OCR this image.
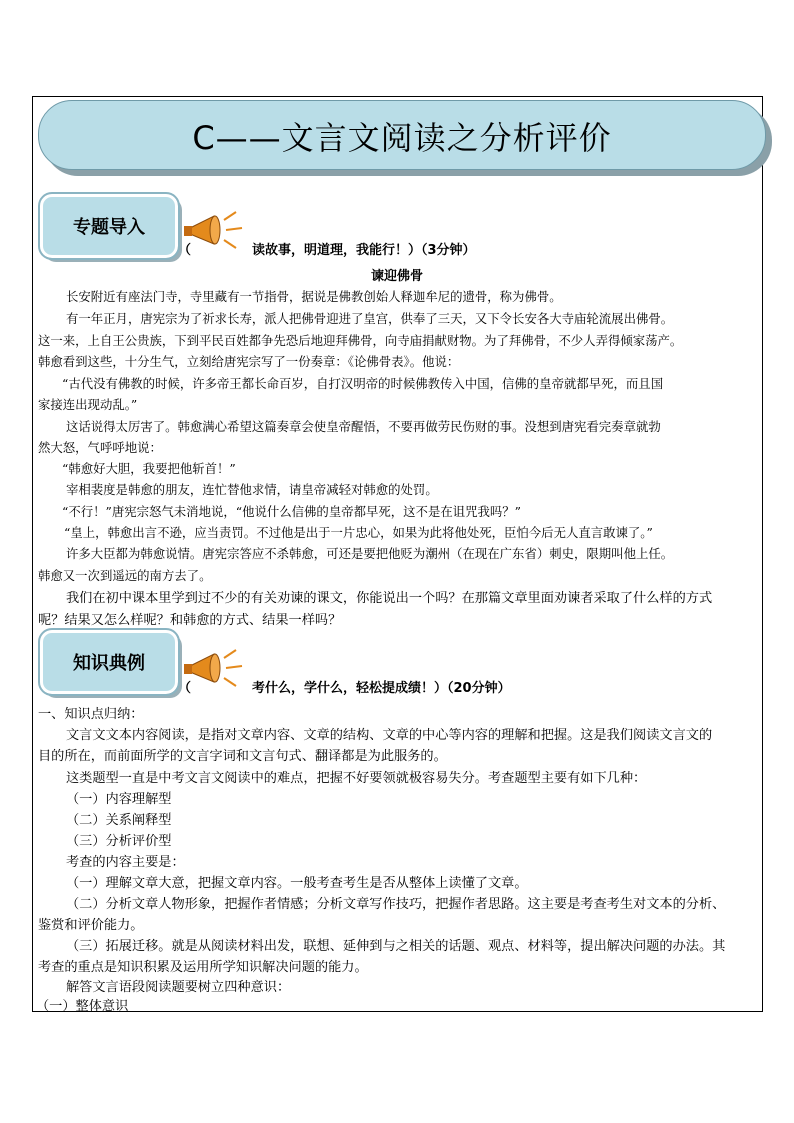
C——文言文阅读之分析评价
专题导入
（	读故事，明道理，我能行！）（3分钟）
谏迎佛骨
长安附近有座法门寺，寺里藏有一节指骨，据说是佛教创始人释迦牟尼的遗骨，称为佛骨。
有一年正月，唐宪宗为了祈求长寿，派人把佛骨迎进了皇宫，供奉了三天，又下令长安各大寺庙轮流展出佛骨。
这一来，上自王公贵族，下到平民百姓都争先恐后地迎拜佛骨，向寺庙捐献财物。为了拜佛骨，不少人弄得倾家荡产。
韩愈看到这些，十分生气，立刻给唐宪宗写了一份奏章：《论佛骨表》。他说：
“古代没有佛教的时候，许多帝王都长命百岁，自打汉明帝的时候佛教传入中国，信佛的皇帝就都早死，而且国
家接连出现动乱。”
这话说得太厉害了。韩愈满心希望这篇奏章会使皇帝醒悟，不要再做劳民伤财的事。没想到唐宪看完奏章就勃
然大怒，气呼呼地说：
“韩愈好大胆，我要把他斩首！”
宰相裴度是韩愈的朋友，连忙替他求情，请皇帝减轻对韩愈的处罚。
“不行！”唐宪宗怒气未消地说，“他说什么信佛的皇帝都早死，这不是在诅咒我吗？”
“皇上，韩愈出言不逊，应当责罚。不过他是出于一片忠心，如果为此将他处死，臣怕今后无人直言敢谏了。”
许多大臣都为韩愈说情。唐宪宗答应不杀韩愈，可还是要把他贬为潮州（在现在广东省）刺史，限期叫他上任。
韩愈又一次到遥远的南方去了。
我们在初中课本里学到过不少的有关劝谏的课文，你能说出一个吗？在那篇文章里面劝谏者采取了什么样的方式
呢？结果又怎么样呢？和韩愈的方式、结果一样吗？
知识典例
（	考什么，学什么，轻松提成绩！）（20分钟）
一、知识点归纳：
文言文文本内容阅读，是指对文章内容、文章的结构、文章的中心等内容的理解和把握。这是我们阅读文言文的
目的所在，而前面所学的文言字词和文言句式、翻译都是为此服务的。
这类题型一直是中考文言文阅读中的难点，把握不好要领就极容易失分。考查题型主要有如下几种：
（一）内容理解型
（二）关系阐释型
（三）分析评价型
考查的内容主要是：
（一）理解文章大意，把握文章内容。一般考查考生是否从整体上读懂了文章。
（二）分析文章人物形象，把握作者情感；分析文章写作技巧，把握作者思路。这主要是考查考生对文本的分析、
鉴赏和评价能力。
（三）拓展迁移。就是从阅读材料出发，联想、延伸到与之相关的话题、观点、材料等，提出解决问题的办法。其
考查的重点是知识积累及运用所学知识解决问题的能力。
解答文言语段阅读题要树立四种意识：
（一）整体意识
